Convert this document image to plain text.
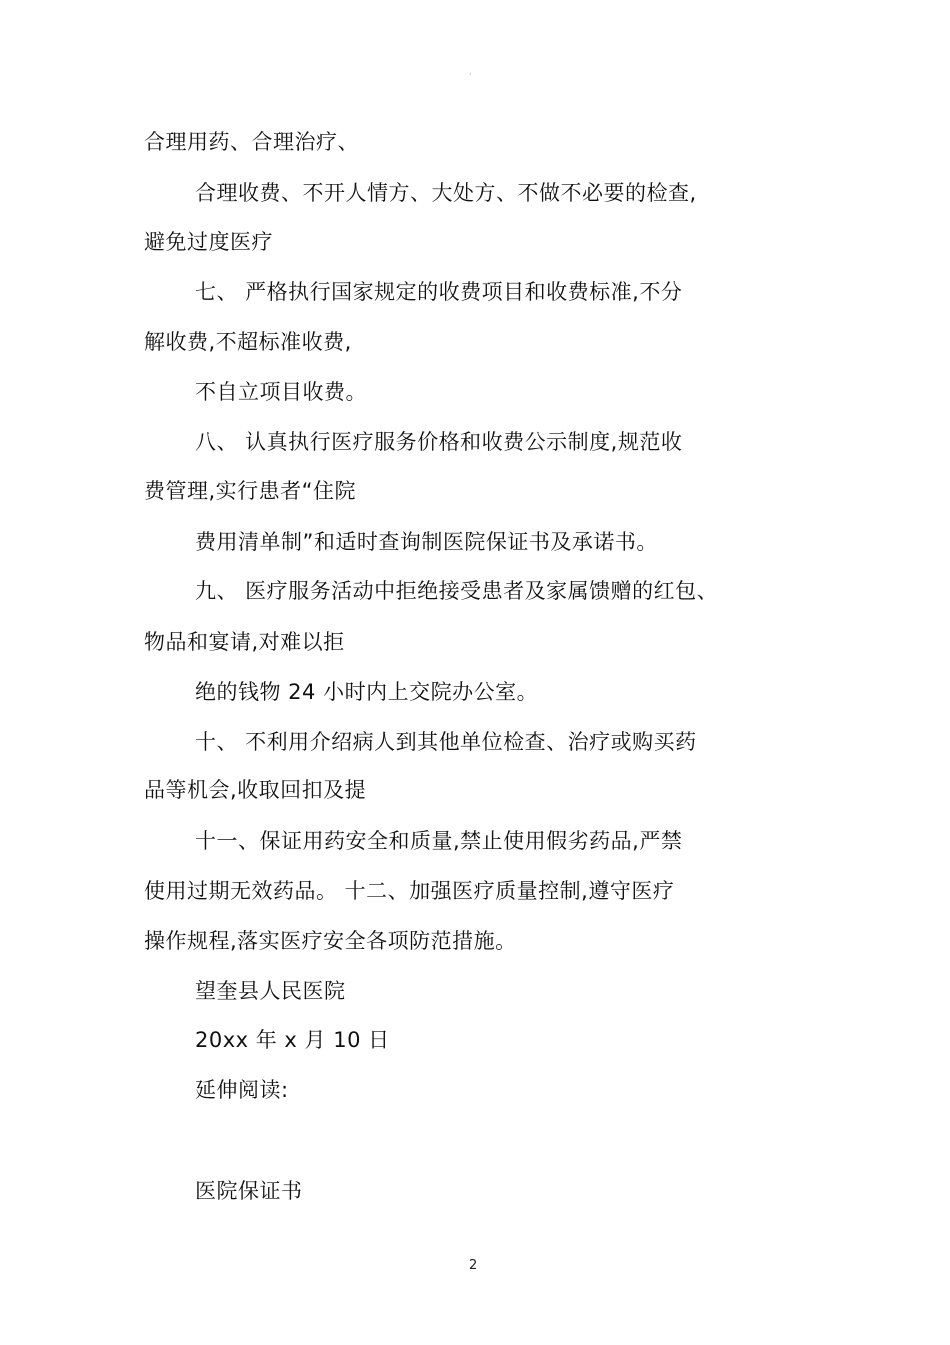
·
合理用药、合理治疗、
合理收费、不开人情方、大处方、不做不必要的检查,
避免过度医疗
七、 严格执行国家规定的收费项目和收费标准,不分
解收费,不超标准收费,
不自立项目收费。
八、 认真执行医疗服务价格和收费公示制度,规范收
费管理,实行患者“住院
费用清单制”和适时查询制医院保证书及承诺书。
九、 医疗服务活动中拒绝接受患者及家属馈赠的红包、
物品和宴请,对难以拒
绝的钱物 24 小时内上交院办公室。
十、 不利用介绍病人到其他单位检查、治疗或购买药
品等机会,收取回扣及提
十一、保证用药安全和质量,禁止使用假劣药品,严禁
使用过期无效药品。 十二、加强医疗质量控制,遵守医疗
操作规程,落实医疗安全各项防范措施。
望奎县人民医院
20xx 年 x 月 10 日
延伸阅读:
医院保证书
2
